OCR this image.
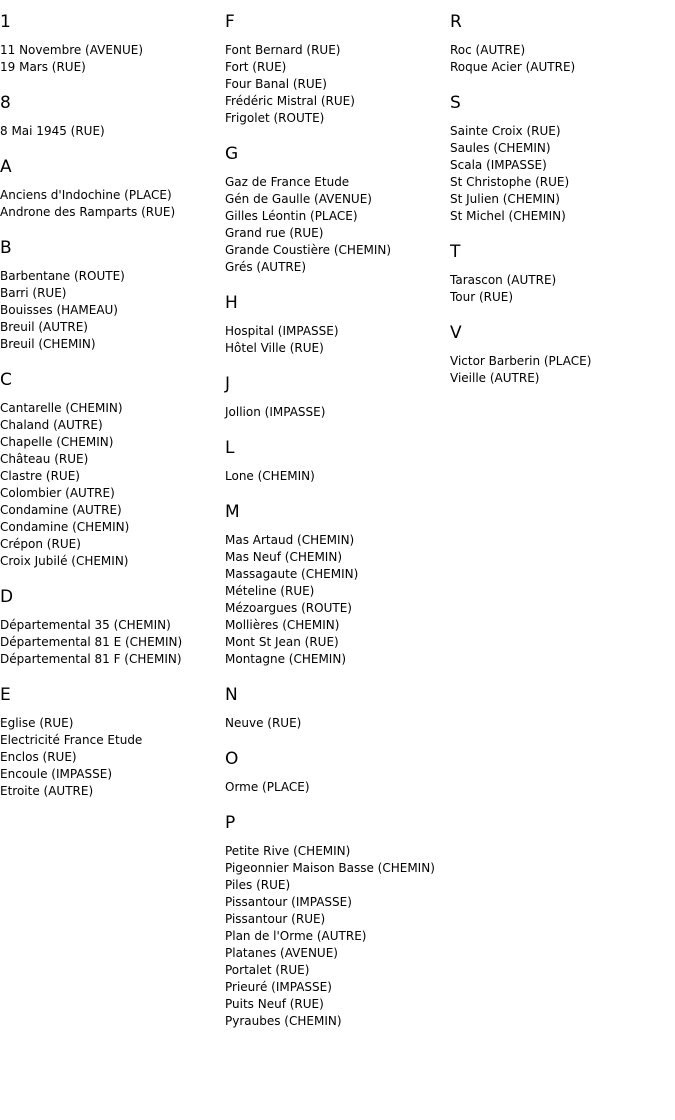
1
11 Novembre (AVENUE)
19 Mars (RUE)
8
8 Mai 1945 (RUE)
A
Anciens d'Indochine (PLACE)
Androne des Ramparts (RUE)
B
Barbentane (ROUTE)
Barri (RUE)
Bouisses (HAMEAU)
Breuil (AUTRE)
Breuil (CHEMIN)
C
Cantarelle (CHEMIN)
Chaland (AUTRE)
Chapelle (CHEMIN)
Château (RUE)
Clastre (RUE)
Colombier (AUTRE)
Condamine (AUTRE)
Condamine (CHEMIN)
Crépon (RUE)
Croix Jubilé (CHEMIN)
D
Départemental 35 (CHEMIN)
Départemental 81 E (CHEMIN)
Départemental 81 F (CHEMIN)
E
Eglise (RUE)
Electricité France Etude
Enclos (RUE)
Encoule (IMPASSE)
Etroite (AUTRE)
F
Font Bernard (RUE)
Fort (RUE)
Four Banal (RUE)
Frédéric Mistral (RUE)
Frigolet (ROUTE)
G
Gaz de France Etude
Gén de Gaulle (AVENUE)
Gilles Léontin (PLACE)
Grand rue (RUE)
Grande Coustière (CHEMIN)
Grés (AUTRE)
H
Hospital (IMPASSE)
Hôtel Ville (RUE)
J
Jollion (IMPASSE)
L
Lone (CHEMIN)
M
Mas Artaud (CHEMIN)
Mas Neuf (CHEMIN)
Massagaute (CHEMIN)
Mételine (RUE)
Mézoargues (ROUTE)
Mollières (CHEMIN)
Mont St Jean (RUE)
Montagne (CHEMIN)
N
Neuve (RUE)
O
Orme (PLACE)
P
Petite Rive (CHEMIN)
Pigeonnier Maison Basse (CHEMIN)
Piles (RUE)
Pissantour (IMPASSE)
Pissantour (RUE)
Plan de l'Orme (AUTRE)
Platanes (AVENUE)
Portalet (RUE)
Prieuré (IMPASSE)
Puits Neuf (RUE)
Pyraubes (CHEMIN)
R
Roc (AUTRE)
Roque Acier (AUTRE)
S
Sainte Croix (RUE)
Saules (CHEMIN)
Scala (IMPASSE)
St Christophe (RUE)
St Julien (CHEMIN)
St Michel (CHEMIN)
T
Tarascon (AUTRE)
Tour (RUE)
V
Victor Barberin (PLACE)
Vieille (AUTRE)
